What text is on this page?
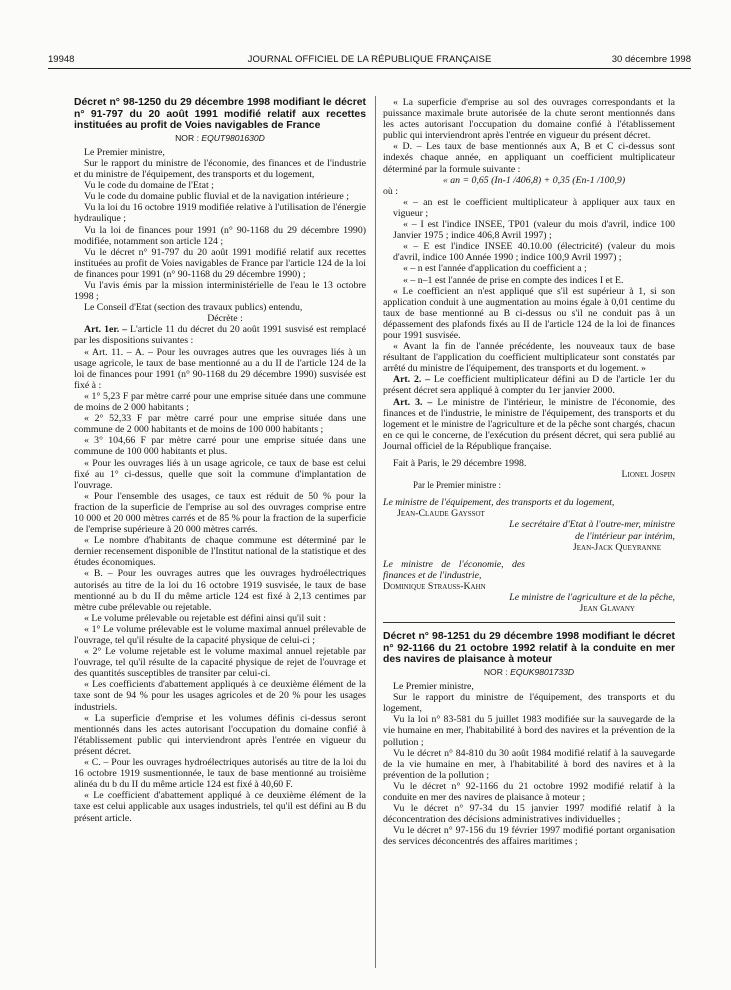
19948	JOURNAL OFFICIEL DE LA RÉPUBLIQUE FRANÇAISE	30 décembre 1998

Décret n° 98-1250 du 29 décembre 1998 modifiant le décret n° 91-797 du 20 août 1991 modifié relatif aux recettes instituées au profit de Voies navigables de France

NOR : EQUT9801630D

Le Premier ministre,

Sur le rapport du ministre de l'économie, des finances et de l'industrie et du ministre de l'équipement, des transports et du logement,

Vu le code du domaine de l'Etat ;

Vu le code du domaine public fluvial et de la navigation intérieure ;

Vu la loi du 16 octobre 1919 modifiée relative à l'utilisation de l'énergie hydraulique ;

Vu la loi de finances pour 1991 (n° 90-1168 du 29 décembre 1990) modifiée, notamment son article 124 ;

Vu le décret n° 91-797 du 20 août 1991 modifié relatif aux recettes instituées au profit de Voies navigables de France par l'article 124 de la loi de finances pour 1991 (n° 90-1168 du 29 décembre 1990) ;

Vu l'avis émis par la mission interministérielle de l'eau le 13 octobre 1998 ;

Le Conseil d'Etat (section des travaux publics) entendu,

Décrète :

Art. 1er. – L'article 11 du décret du 20 août 1991 susvisé est remplacé par les dispositions suivantes :

« Art. 11. – A. – Pour les ouvrages autres que les ouvrages liés à un usage agricole, le taux de base mentionné au a du II de l'article 124 de la loi de finances pour 1991 (n° 90-1168 du 29 décembre 1990) susvisée est fixé à :

« 1° 5,23 F par mètre carré pour une emprise située dans une commune de moins de 2 000 habitants ;

« 2° 52,33 F par mètre carré pour une emprise située dans une commune de 2 000 habitants et de moins de 100 000 habitants ;

« 3° 104,66 F par mètre carré pour une emprise située dans une commune de 100 000 habitants et plus.

« Pour les ouvrages liés à un usage agricole, ce taux de base est celui fixé au 1° ci-dessus, quelle que soit la commune d'implantation de l'ouvrage.

« Pour l'ensemble des usages, ce taux est réduit de 50 % pour la fraction de la superficie de l'emprise au sol des ouvrages comprise entre 10 000 et 20 000 mètres carrés et de 85 % pour la fraction de la superficie de l'emprise supérieure à 20 000 mètres carrés.

« Le nombre d'habitants de chaque commune est déterminé par le dernier recensement disponible de l'Institut national de la statistique et des études économiques.

« B. – Pour les ouvrages autres que les ouvrages hydroélectriques autorisés au titre de la loi du 16 octobre 1919 susvisée, le taux de base mentionné au b du II du même article 124 est fixé à 2,13 centimes par mètre cube prélevable ou rejetable.

« Le volume prélevable ou rejetable est défini ainsi qu'il suit :

« 1° Le volume prélevable est le volume maximal annuel prélevable de l'ouvrage, tel qu'il résulte de la capacité physique de celui-ci ;

« 2° Le volume rejetable est le volume maximal annuel rejetable par l'ouvrage, tel qu'il résulte de la capacité physique de rejet de l'ouvrage et des quantités susceptibles de transiter par celui-ci.

« Les coefficients d'abattement appliqués à ce deuxième élément de la taxe sont de 94 % pour les usages agricoles et de 20 % pour les usages industriels.

« La superficie d'emprise et les volumes définis ci-dessus seront mentionnés dans les actes autorisant l'occupation du domaine confié à l'établissement public qui interviendront après l'entrée en vigueur du présent décret.

« C. – Pour les ouvrages hydroélectriques autorisés au titre de la loi du 16 octobre 1919 susmentionnée, le taux de base mentionné au troisième alinéa du b du II du même article 124 est fixé à 40,60 F.

« Le coefficient d'abattement appliqué à ce deuxième élément de la taxe est celui applicable aux usages industriels, tel qu'il est défini au B du présent article.

« La superficie d'emprise au sol des ouvrages correspondants et la puissance maximale brute autorisée de la chute seront mentionnés dans les actes autorisant l'occupation du domaine confié à l'établissement public qui interviendront après l'entrée en vigueur du présent décret.

« D. – Les taux de base mentionnés aux A, B et C ci-dessus sont indexés chaque année, en appliquant un coefficient multiplicateur déterminé par la formule suivante :

« an = 0,65 (In-1 /406,8) + 0,35 (En-1 /100,9)

où :

« – an est le coefficient multiplicateur à appliquer aux taux en vigueur ;

« – I est l'indice INSEE, TP01 (valeur du mois d'avril, indice 100 Janvier 1975 ; indice 406,8 Avril 1997) ;

« – E est l'indice INSEE 40.10.00 (électricité) (valeur du mois d'avril, indice 100 Année 1990 ; indice 100,9 Avril 1997) ;

« – n est l'année d'application du coefficient a ;

« – n–1 est l'année de prise en compte des indices I et E.

« Le coefficient an n'est appliqué que s'il est supérieur à 1, si son application conduit à une augmentation au moins égale à 0,01 centime du taux de base mentionné au B ci-dessus ou s'il ne conduit pas à un dépassement des plafonds fixés au II de l'article 124 de la loi de finances pour 1991 susvisée.

« Avant la fin de l'année précédente, les nouveaux taux de base résultant de l'application du coefficient multiplicateur sont constatés par arrêté du ministre de l'équipement, des transports et du logement. »

Art. 2. – Le coefficient multiplicateur défini au D de l'article 1er du présent décret sera appliqué à compter du 1er janvier 2000.

Art. 3. – Le ministre de l'intérieur, le ministre de l'économie, des finances et de l'industrie, le ministre de l'équipement, des transports et du logement et le ministre de l'agriculture et de la pêche sont chargés, chacun en ce qui le concerne, de l'exécution du présent décret, qui sera publié au Journal officiel de la République française.

Fait à Paris, le 29 décembre 1998.

Lionel Jospin

Par le Premier ministre :

Le ministre de l'équipement, des transports et du logement,

Jean-Claude Gayssot

Le secrétaire d'Etat à l'outre-mer, ministre de l'intérieur par intérim,

Jean-Jack Queyranne

Le ministre de l'économie, des finances et de l'industrie,

Dominique Strauss-Kahn

Le ministre de l'agriculture et de la pêche,

Jean Glavany

Décret n° 98-1251 du 29 décembre 1998 modifiant le décret n° 92-1166 du 21 octobre 1992 relatif à la conduite en mer des navires de plaisance à moteur

NOR : EQUK9801733D

Le Premier ministre,

Sur le rapport du ministre de l'équipement, des transports et du logement,

Vu la loi n° 83-581 du 5 juillet 1983 modifiée sur la sauvegarde de la vie humaine en mer, l'habitabilité à bord des navires et la prévention de la pollution ;

Vu le décret n° 84-810 du 30 août 1984 modifié relatif à la sauvegarde de la vie humaine en mer, à l'habitabilité à bord des navires et à la prévention de la pollution ;

Vu le décret n° 92-1166 du 21 octobre 1992 modifié relatif à la conduite en mer des navires de plaisance à moteur ;

Vu le décret n° 97-34 du 15 janvier 1997 modifié relatif à la déconcentration des décisions administratives individuelles ;

Vu le décret n° 97-156 du 19 février 1997 modifié portant organisation des services déconcentrés des affaires maritimes ;
